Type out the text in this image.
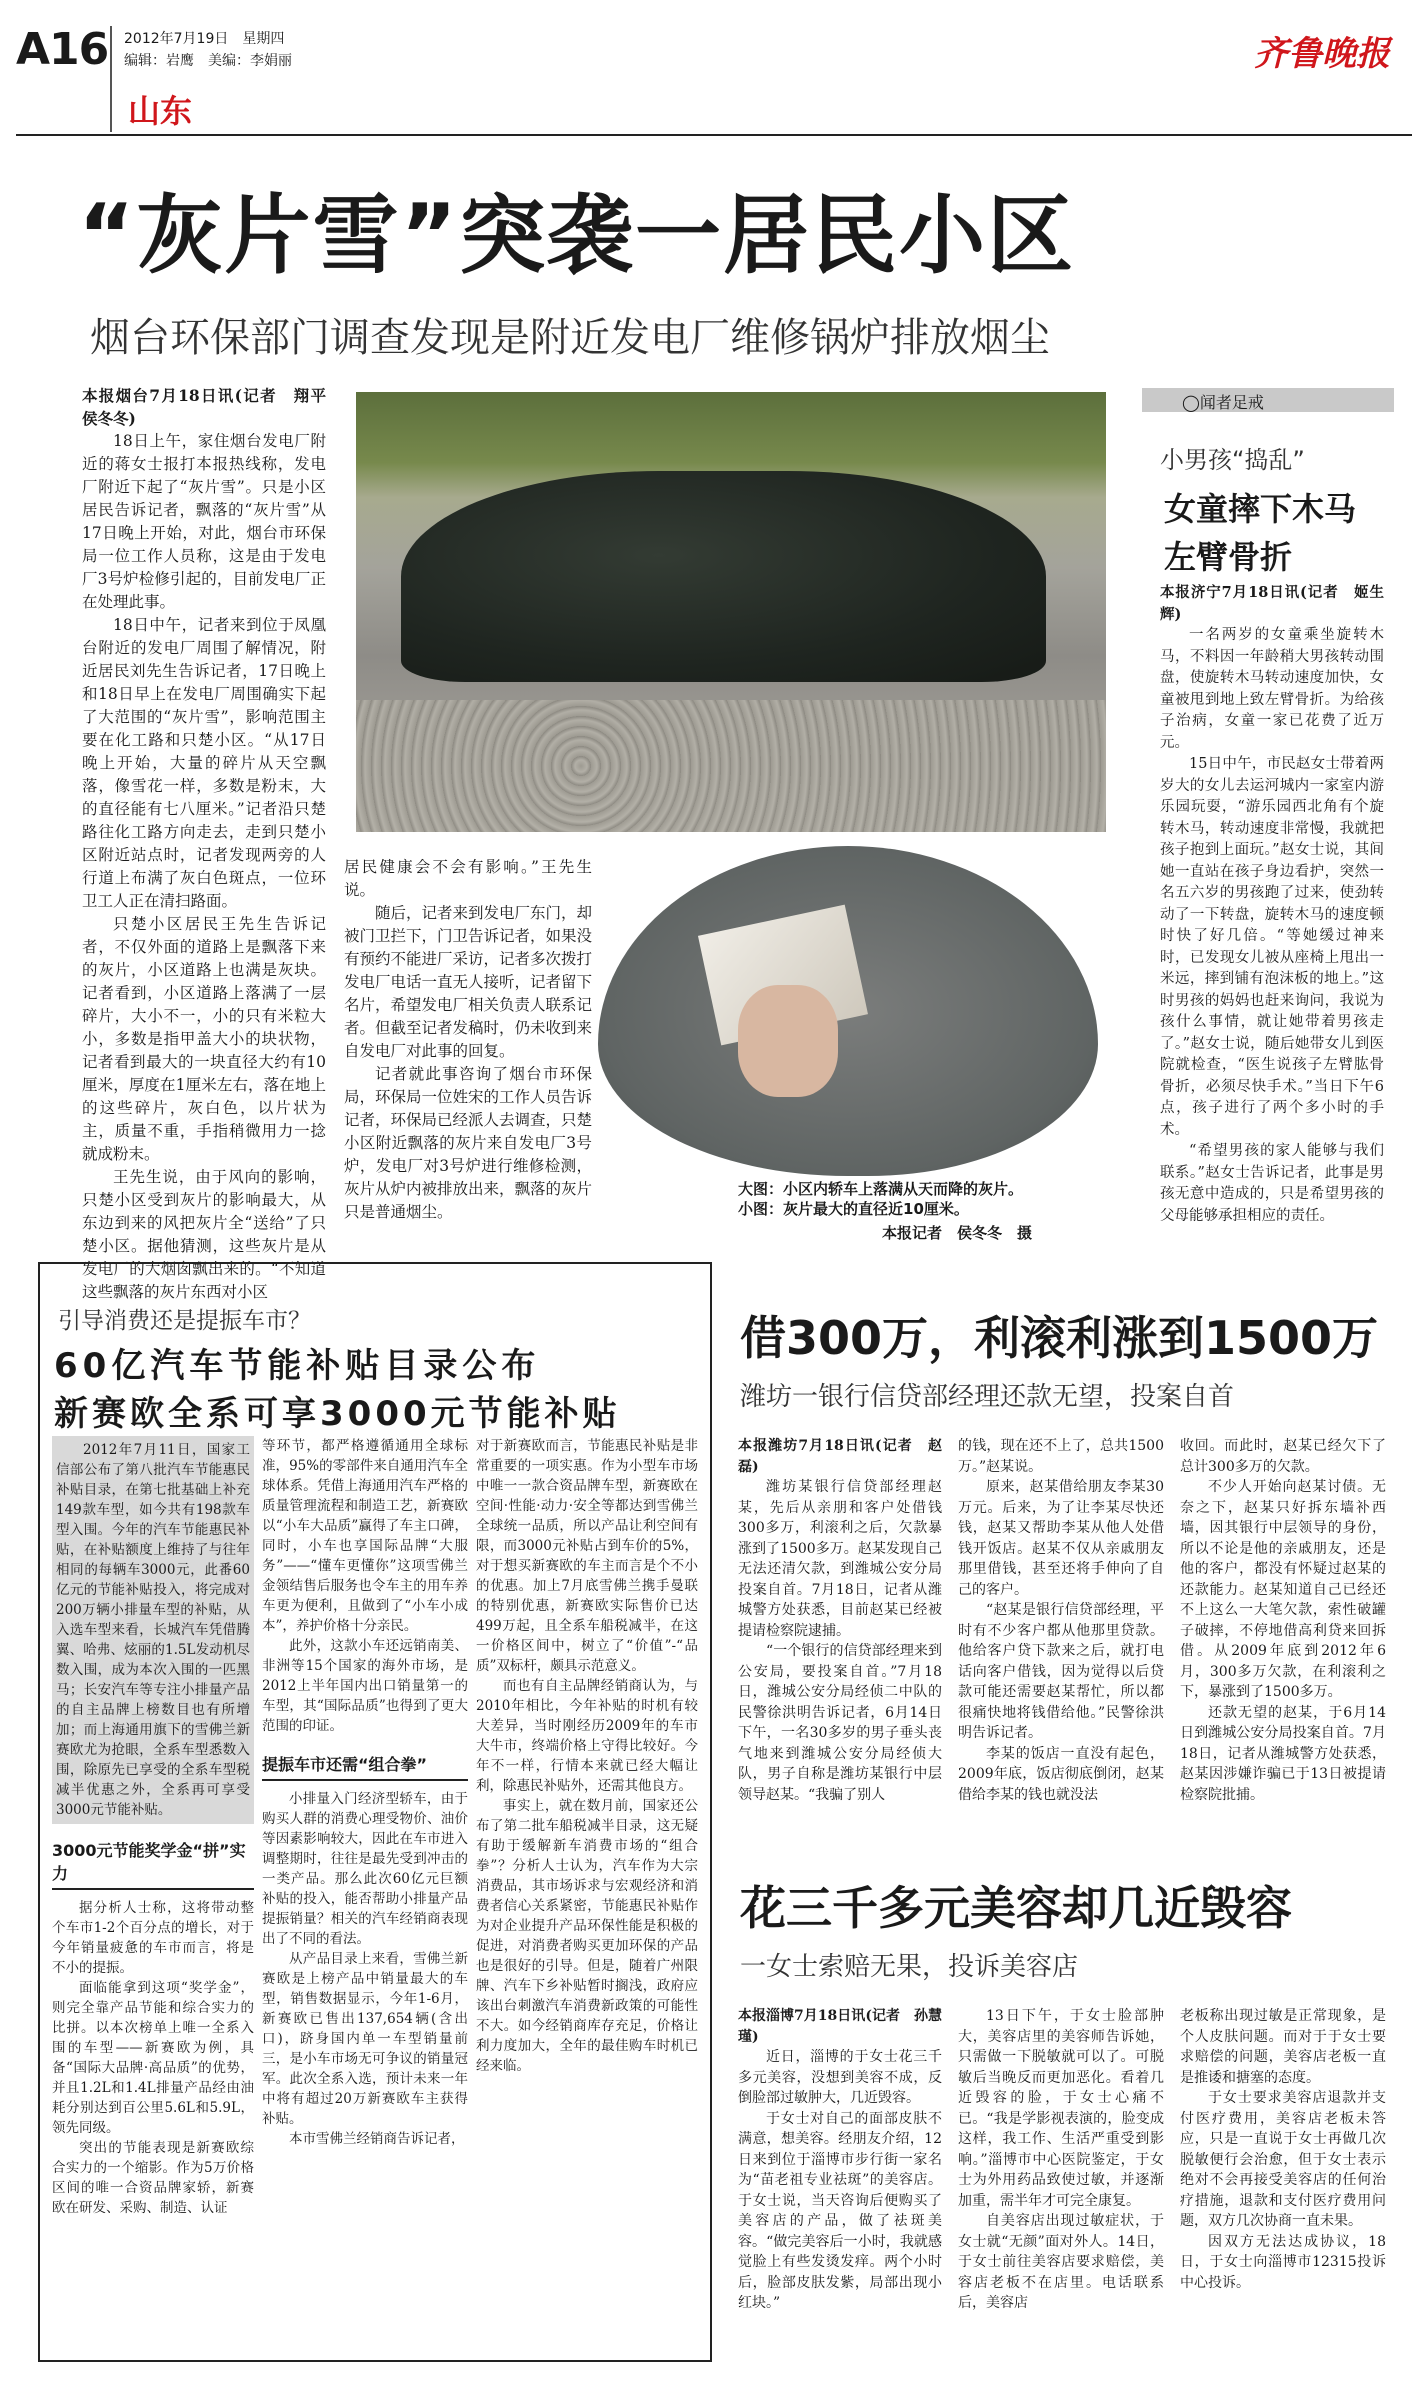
A16 2012年7月19日　星期四
编辑：岩鹰　美编：李娟丽
山东
齐鲁晚报
“灰片雪”突袭一居民小区
烟台环保部门调查发现是附近发电厂维修锅炉排放烟尘

本报烟台7月18日讯(记者　翔平　侯冬冬)

18日上午，家住烟台发电厂附近的蒋女士报打本报热线称，发电厂附近下起了“灰片雪”。只是小区居民告诉记者，飘落的“灰片雪”从17日晚上开始，对此，烟台市环保局一位工作人员称，这是由于发电厂3号炉检修引起的，目前发电厂正在处理此事。

18日中午，记者来到位于凤凰台附近的发电厂周围了解情况，附近居民刘先生告诉记者，17日晚上和18日早上在发电厂周围确实下起了大范围的“灰片雪”，影响范围主要在化工路和只楚小区。“从17日晚上开始，大量的碎片从天空飘落，像雪花一样，多数是粉末，大的直径能有七八厘米。”记者沿只楚路往化工路方向走去，走到只楚小区附近站点时，记者发现两旁的人行道上布满了灰白色斑点，一位环卫工人正在清扫路面。

只楚小区居民王先生告诉记者，不仅外面的道路上是飘落下来的灰片，小区道路上也满是灰块。记者看到，小区道路上落满了一层碎片，大小不一，小的只有米粒大小，多数是指甲盖大小的块状物，记者看到最大的一块直径大约有10厘米，厚度在1厘米左右，落在地上的这些碎片，灰白色，以片状为主，质量不重，手指稍微用力一捻就成粉末。

王先生说，由于风向的影响，只楚小区受到灰片的影响最大，从东边到来的风把灰片全“送给”了只楚小区。据他猜测，这些灰片是从发电厂的大烟囱飘出来的。“不知道这些飘落的灰片东西对小区

大图：小区内轿车上落满从天而降的灰片。
小图：灰片最大的直径近10厘米。
本报记者　侯冬冬　摄

居民健康会不会有影响。”王先生说。

随后，记者来到发电厂东门，却被门卫拦下，门卫告诉记者，如果没有预约不能进厂采访，记者多次拨打发电厂电话一直无人接听，记者留下名片，希望发电厂相关负责人联系记者。但截至记者发稿时，仍未收到来自发电厂对此事的回复。

记者就此事咨询了烟台市环保局，环保局一位姓宋的工作人员告诉记者，环保局已经派人去调查，只楚小区附近飘落的灰片来自发电厂3号炉，发电厂对3号炉进行维修检测，灰片从炉内被排放出来，飘落的灰片只是普通烟尘。

◯闻者足戒
小男孩“捣乱”
女童摔下木马
左臂骨折

本报济宁7月18日讯(记者　姬生辉)

一名两岁的女童乘坐旋转木马，不料因一年龄稍大男孩转动围盘，使旋转木马转动速度加快，女童被甩到地上致左臂骨折。为给孩子治病，女童一家已花费了近万元。

15日中午，市民赵女士带着两岁大的女儿去运河城内一家室内游乐园玩耍，“游乐园西北角有个旋转木马，转动速度非常慢，我就把孩子抱到上面玩。”赵女士说，其间她一直站在孩子身边看护，突然一名五六岁的男孩跑了过来，使劲转动了一下转盘，旋转木马的速度顿时快了好几倍。“等她缓过神来时，已发现女儿被从座椅上甩出一米远，摔到铺有泡沫板的地上。”这时男孩的妈妈也赶来询问，我说为孩什么事情，就让她带着男孩走了。”赵女士说，随后她带女儿到医院就检查，“医生说孩子左臂肱骨骨折，必须尽快手术。”当日下午6点，孩子进行了两个多小时的手术。

“希望男孩的家人能够与我们联系。”赵女士告诉记者，此事是男孩无意中造成的，只是希望男孩的父母能够承担相应的责任。

引导消费还是提振车市？
60亿汽车节能补贴目录公布
新赛欧全系可享3000元节能补贴

2012年7月11日，国家工信部公布了第八批汽车节能惠民补贴目录，在第七批基础上补充149款车型，如今共有198款车型入围。今年的汽车节能惠民补贴，在补贴额度上维持了与往年相同的每辆车3000元，此番60亿元的节能补贴投入，将完成对200万辆小排量车型的补贴，从入选车型来看，长城汽车凭借腾翼、哈弗、炫丽的1.5L发动机尽数入围，成为本次入围的一匹黑马；长安汽车等专注小排量产品的自主品牌上榜数目也有所增加；而上海通用旗下的雪佛兰新赛欧尤为抢眼，全系车型悉数入围，除原先已享受的全系车型税减半优惠之外，全系再可享受3000元节能补贴。

3000元节能奖学金“拼”实力

据分析人士称，这将带动整个车市1-2个百分点的增长，对于今年销量疲惫的车市而言，将是不小的提振。

面临能拿到这项“奖学金”，则完全靠产品节能和综合实力的比拼。以本次榜单上唯一全系入围的车型——新赛欧为例，具备“国际大品牌·高品质”的优势，并且1.2L和1.4L排量产品经由油耗分别达到百公里5.6L和5.9L，领先同级。

突出的节能表现是新赛欧综合实力的一个缩影。作为5万价格区间的唯一合资品牌家轿，新赛欧在研发、采购、制造、认证

等环节，都严格遵循通用全球标准，95%的零部件来自通用汽车全球体系。凭借上海通用汽车严格的质量管理流程和制造工艺，新赛欧以“小车大品质”赢得了车主口碑，同时，小车也享国际品牌“大服务”——“懂车更懂你”这项雪佛兰金领结售后服务也令车主的用车养车更为便利，且做到了“小车小成本”，养护价格十分亲民。

此外，这款小车还远销南美、非洲等15个国家的海外市场，是2012上半年国内出口销量第一的车型，其“国际品质”也得到了更大范围的印证。

提振车市还需“组合拳”

小排量入门经济型轿车，由于购买人群的消费心理受物价、油价等因素影响较大，因此在车市进入调整期时，往往是最先受到冲击的一类产品。那么此次60亿元巨额补贴的投入，能否帮助小排量产品提振销量？相关的汽车经销商表现出了不同的看法。

从产品目录上来看，雪佛兰新赛欧是上榜产品中销量最大的车型，销售数据显示，今年1-6月，新赛欧已售出137,654辆(含出口)，跻身国内单一车型销量前三，是小车市场无可争议的销量冠军。此次全系入选，预计未来一年中将有超过20万新赛欧车主获得补贴。

本市雪佛兰经销商告诉记者，

对于新赛欧而言，节能惠民补贴是非常重要的一项实惠。作为小型车市场中唯一一款合资品牌车型，新赛欧在空间·性能·动力·安全等都达到雪佛兰全球统一品质，所以产品让利空间有限，而3000元补贴占到车价的5%，对于想买新赛欧的车主而言是个不小的优惠。加上7月底雪佛兰携手曼联的特别优惠，新赛欧实际售价已达499万起，且全系车船税减半，在这一价格区间中，树立了“价值”-“品质”双标杆，颇具示范意义。

而也有自主品牌经销商认为，与2010年相比，今年补贴的时机有较大差异，当时刚经历2009年的车市大牛市，终端价格上守得比较好。今年不一样，行情本来就已经大幅让利，除惠民补贴外，还需其他良方。

事实上，就在数月前，国家还公布了第二批车船税减半目录，这无疑有助于缓解新车消费市场的“组合拳”？分析人士认为，汽车作为大宗消费品，其市场诉求与宏观经济和消费者信心关系紧密，节能惠民补贴作为对企业提升产品环保性能是积极的促进，对消费者购买更加环保的产品也是很好的引导。但是，随着广州限牌、汽车下乡补贴暂时搁浅，政府应该出台刺激汽车消费新政策的可能性不大。如今经销商库存充足，价格让利力度加大，全年的最佳购车时机已经来临。

借300万，利滚利涨到1500万
潍坊一银行信贷部经理还款无望，投案自首

本报潍坊7月18日讯(记者　赵磊)

潍坊某银行信贷部经理赵某，先后从亲朋和客户处借钱300多万，利滚利之后，欠款暴涨到了1500多万。赵某发现自己无法还清欠款，到潍城公安分局投案自首。7月18日，记者从潍城警方处获悉，目前赵某已经被提请检察院逮捕。

“一个银行的信贷部经理来到公安局，要投案自首。”7月18日，潍城公安分局经侦二中队的民警徐洪明告诉记者，6月14日下午，一名30多岁的男子垂头丧气地来到潍城公安分局经侦大队，男子自称是潍坊某银行中层领导赵某。“我骗了别人

的钱，现在还不上了，总共1500万。”赵某说。

原来，赵某借给朋友李某30万元。后来，为了让李某尽快还钱，赵某又帮助李某从他人处借钱开饭店。赵某不仅从亲戚朋友那里借钱，甚至还将手伸向了自己的客户。

“赵某是银行信贷部经理，平时有不少客户都从他那里贷款。他给客户贷下款来之后，就打电话向客户借钱，因为觉得以后贷款可能还需要赵某帮忙，所以都很痛快地将钱借给他。”民警徐洪明告诉记者。

李某的饭店一直没有起色，2009年底，饭店彻底倒闭，赵某借给李某的钱也就没法

收回。而此时，赵某已经欠下了总计300多万的欠款。

不少人开始向赵某讨债。无奈之下，赵某只好拆东墙补西墙，因其银行中层领导的身份，所以不论是他的亲戚朋友，还是他的客户，都没有怀疑过赵某的还款能力。赵某知道自己已经还不上这么一大笔欠款，索性破罐子破摔，不停地借高利贷来回拆借。从2009年底到2012年6月，300多万欠款，在利滚利之下，暴涨到了1500多万。

还款无望的赵某，于6月14日到潍城公安分局投案自首。7月18日，记者从潍城警方处获悉，赵某因涉嫌诈骗已于13日被提请检察院批捕。

花三千多元美容却几近毁容
一女士索赔无果，投诉美容店

本报淄博7月18日讯(记者　孙慧瑾)

近日，淄博的于女士花三千多元美容，没想到美容不成，反倒脸部过敏肿大，几近毁容。

于女士对自己的面部皮肤不满意，想美容。经朋友介绍，12日来到位于淄博市步行街一家名为“苗老祖专业祛斑”的美容店。于女士说，当天咨询后便购买了美容店的产品，做了祛斑美容。“做完美容后一小时，我就感觉脸上有些发烫发痒。两个小时后，脸部皮肤发紫，局部出现小红块。”

13日下午，于女士脸部肿大，美容店里的美容师告诉她，只需做一下脱敏就可以了。可脱敏后当晚反而更加恶化。看着几近毁容的脸，于女士心痛不已。“我是学影视表演的，脸变成这样，我工作、生活严重受到影响。”淄博市中心医院鉴定，于女士为外用药品致使过敏，并逐渐加重，需半年才可完全康复。

自美容店出现过敏症状，于女士就“无颜”面对外人。14日，于女士前往美容店要求赔偿，美容店老板不在店里。电话联系后，美容店

老板称出现过敏是正常现象，是个人皮肤问题。而对于于女士要求赔偿的问题，美容店老板一直是推诿和搪塞的态度。

于女士要求美容店退款并支付医疗费用，美容店老板未答应，只是一直说于女士再做几次脱敏便行会治愈，但于女士表示绝对不会再接受美容店的任何治疗措施，退款和支付医疗费用问题，双方几次协商一直未果。

因双方无法达成协议，18日，于女士向淄博市12315投诉中心投诉。
